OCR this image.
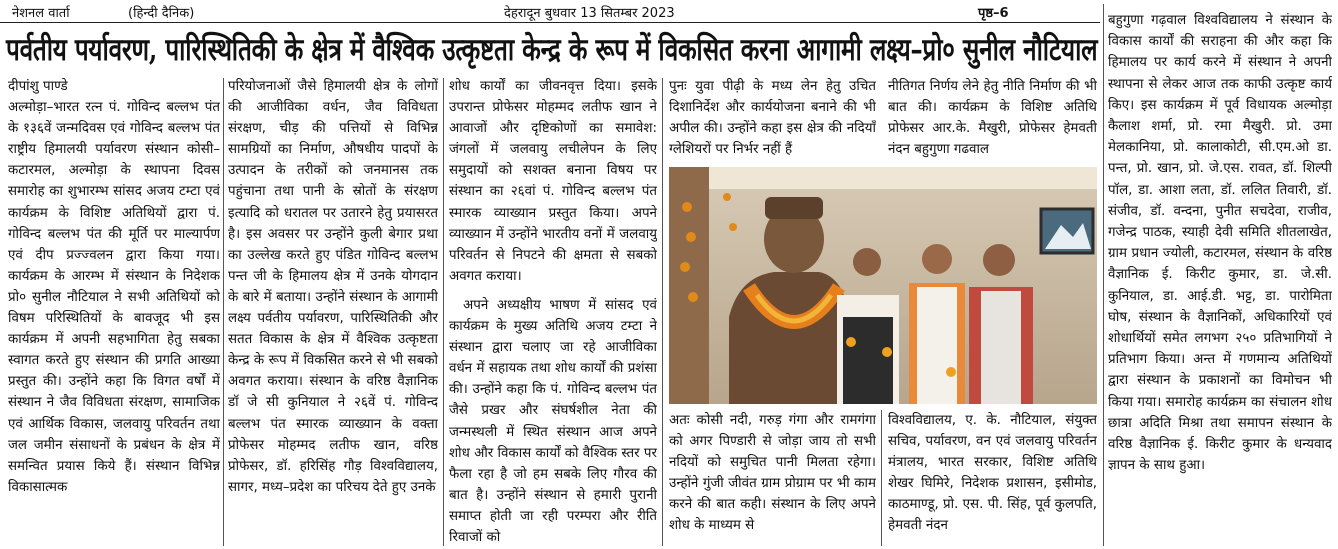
नेशनल वार्ता	(हिन्दी दैनिक)	देहरादून बुधवार 13 सितम्बर 2023	पृष्ठ–6
पर्वतीय पर्यावरण, पारिस्थितिकी के क्षेत्र में वैश्विक उत्कृष्टता केन्द्र के रूप में विकसित करना आगामी लक्ष्य–प्रो० सुनील नौटियाल
दीपांशु पाण्डे

अल्मोड़ा–भारत रत्न पं. गोविन्द बल्लभ पंत के १३६वें जन्मदिवस एवं गोविन्द बल्लभ पंत राष्ट्रीय हिमालयी पर्यावरण संस्थान कोसी– कटारमल, अल्मोड़ा के स्थापना दिवस समारोह का शुभारम्भ सांसद अजय टम्टा एवं कार्यक्रम के विशिष्ट अतिथियों द्वारा पं. गोविन्द बल्लभ पंत की मूर्ति पर माल्यार्पण एवं दीप प्रज्ज्वलन द्वारा किया गया। कार्यक्रम के आरम्भ में संस्थान के निदेशक प्रो० सुनील नौटियाल ने सभी अतिथियों को विषम परिस्थितियों के बावजूद भी इस कार्यक्रम में अपनी सहभागिता हेतु सबका स्वागत करते हुए संस्थान की प्रगति आख्या प्रस्तुत की। उन्होंने कहा कि विगत वर्षों में संस्थान ने जैव विविधता संरक्षण, सामाजिक एवं आर्थिक विकास, जलवायु परिवर्तन तथा जल जमीन संसाधनों के प्रबंधन के क्षेत्र में समन्वित प्रयास किये हैं। संस्थान विभिन्न विकासात्मक

परियोजनाओं जैसे हिमालयी क्षेत्र के लोगों की आजीविका वर्धन, जैव विविधता संरक्षण, चीड़ की पत्तियों से विभिन्न सामग्रियों का निर्माण, औषधीय पादपों के उत्पादन के तरीकों को जनमानस तक पहुंचाना तथा पानी के स्रोतों के संरक्षण इत्यादि को धरातल पर उतारने हेतु प्रयासरत है। इस अवसर पर उन्होंने कुली बेगार प्रथा का उल्लेख करते हुए पंडित गोविन्द बल्लभ पन्त जी के हिमालय क्षेत्र में उनके योगदान के बारे में बताया। उन्होंने संस्थान के आगामी लक्ष्य पर्वतीय पर्यावरण, पारिस्थितिकी और सतत विकास के क्षेत्र में वैश्विक उत्कृष्टता केन्द्र के रूप में विकसित करने से भी सबको अवगत कराया। संस्थान के वरिष्ठ वैज्ञानिक डॉ जे सी कुनियाल ने २६वें पं. गोविन्द बल्लभ पंत स्मारक व्याख्यान के वक्ता प्रोफेसर मोहम्मद लतीफ खान, वरिष्ठ प्रोफेसर, डॉ. हरिसिंह गौड़ विश्वविद्यालय, सागर, मध्य–प्रदेश का परिचय देते हुए उनके

शोध कार्यों का जीवनवृत्त दिया। इसके उपरान्त प्रोफेसर मोहम्मद लतीफ खान ने आवाजों और दृष्टिकोणों का समावेश: जंगलों में जलवायु लचीलेपन के लिए समुदायों को सशक्त बनाना विषय पर संस्थान का २६वां पं. गोविन्द बल्लभ पंत स्मारक व्याख्यान प्रस्तुत किया। अपने व्याख्यान में उन्होंने भारतीय वनों में जलवायु परिवर्तन से निपटने की क्षमता से सबको अवगत कराया।

अपने अध्यक्षीय भाषण में सांसद एवं कार्यक्रम के मुख्य अतिथि अजय टम्टा ने संस्थान द्वारा चलाए जा रहे आजीविका वर्धन में सहायक तथा शोध कार्यों की प्रशंसा की। उन्होंने कहा कि पं. गोविन्द बल्लभ पंत जैसे प्रखर और संघर्षशील नेता की जन्मस्थली में स्थित संस्थान आज अपने शोध और विकास कार्यों को वैश्विक स्तर पर फैला रहा है जो हम सबके लिए गौरव की बात है। उन्होंने संस्थान से हमारी पुरानी समाप्त होती जा रही परम्परा और रीति रिवाजों को

पुनः युवा पीढ़ी के मध्य लेन हेतु उचित दिशानिर्देश और कार्ययोजना बनाने की भी अपील की। उन्होंने कहा इस क्षेत्र की नदियाँ ग्लेशियरों पर निर्भर नहीं हैं

नीतिगत निर्णय लेने हेतु नीति निर्माण की भी बात की। कार्यक्रम के विशिष्ट अतिथि प्रोफेसर आर.के. मैखुरी, प्रोफेसर हेमवती नंदन बहुगुणा गढवाल

अतः कोसी नदी, गरुड़ गंगा और रामगंगा को अगर पिण्डारी से जोड़ा जाय तो सभी नदियों को समुचित पानी मिलता रहेगा। उन्होंने गुंजी जीवंत ग्राम प्रोग्राम पर भी काम करने की बात कही। संस्थान के लिए अपने शोध के माध्यम से

विश्वविद्यालय, ए. के. नौटियाल, संयुक्त सचिव, पर्यावरण, वन एवं जलवायु परिवर्तन मंत्रालय, भारत सरकार, विशिष्ट अतिथि शेखर घिमिरे, निदेशक प्रशासन, इसीमोड, काठमाण्डू, प्रो. एस. पी. सिंह, पूर्व कुलपति, हेमवती नंदन

बहुगुणा गढ़वाल विश्वविद्यालय ने संस्थान के विकास कार्यों की सराहना की और कहा कि हिमालय पर कार्य करने में संस्थान ने अपनी स्थापना से लेकर आज तक काफी उत्कृष्ट कार्य किए। इस कार्यक्रम में पूर्व विधायक अल्मोड़ा कैलाश शर्मा, प्रो. रमा मैखुरी. प्रो. उमा मेलकानिया, प्रो. कालाकोटी, सी.एम.ओ डा. पन्त, प्रो. खान, प्रो. जे.एस. रावत, डॉ. शिल्पी पॉल, डा. आशा लता, डॉ. ललित तिवारी, डॉ. संजीव, डॉ. वन्दना, पुनीत सचदेवा, राजीव, गजेन्द्र पाठक, स्याही देवी समिति शीतलाखेत, ग्राम प्रधान ज्योली, कटारमल, संस्थान के वरिष्ठ वैज्ञानिक ई. किरीट कुमार, डा. जे.सी. कुनियाल, डा. आई.डी. भट्ट, डा. पारोमिता घोष, संस्थान के वैज्ञानिकों, अधिकारियों एवं शोधार्थियों समेत लगभग २५० प्रतिभागियों ने प्रतिभाग किया। अन्त में गणमान्य अतिथियों द्वारा संस्थान के प्रकाशनों का विमोचन भी किया गया। समारोह कार्यक्रम का संचालन शोध छात्रा अदिति मिश्रा तथा समापन संस्थान के वरिष्ठ वैज्ञानिक ई. किरीट कुमार के धन्यवाद ज्ञापन के साथ हुआ।
